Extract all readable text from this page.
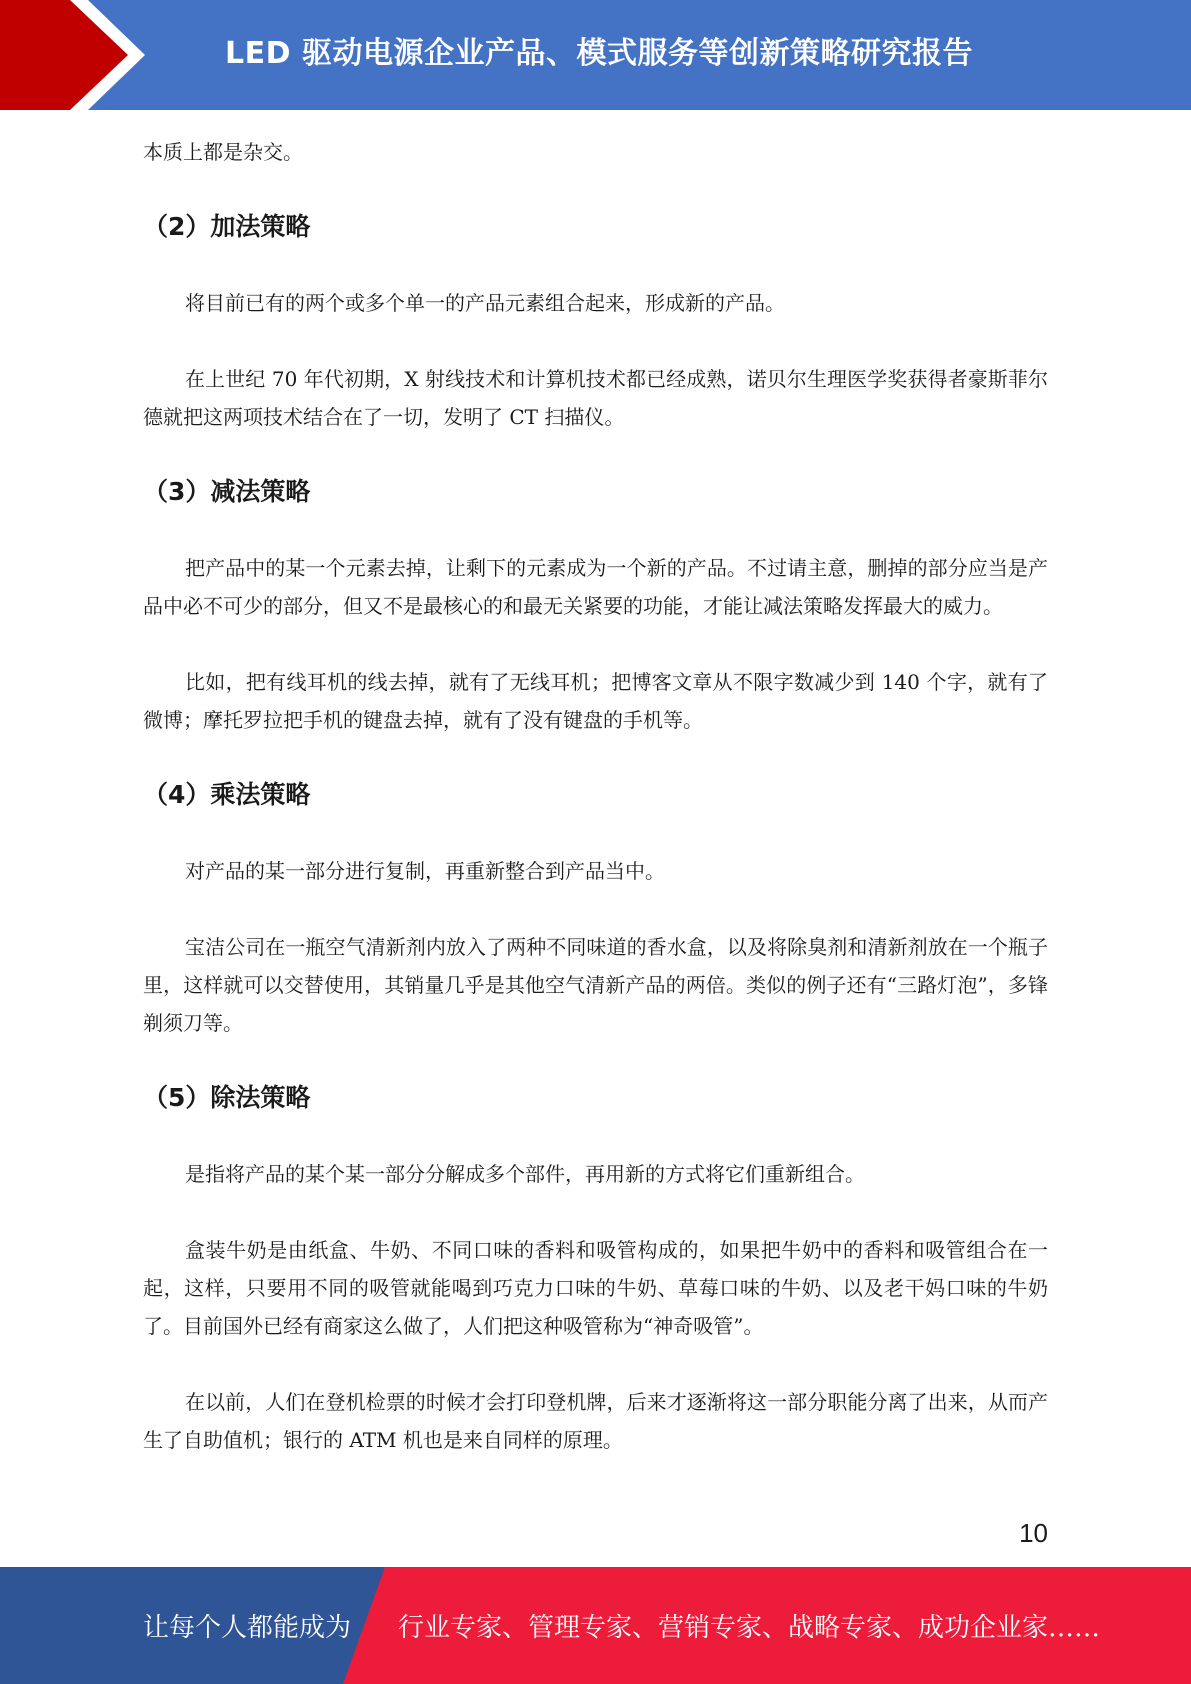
LED 驱动电源企业产品、模式服务等创新策略研究报告

本质上都是杂交。

（2）加法策略

将目前已有的两个或多个单一的产品元素组合起来，形成新的产品。

在上世纪 70 年代初期，X 射线技术和计算机技术都已经成熟，诺贝尔生理医学奖获得者豪斯菲尔德就把这两项技术结合在了一切，发明了 CT 扫描仪。

（3）减法策略

把产品中的某一个元素去掉，让剩下的元素成为一个新的产品。不过请主意，删掉的部分应当是产品中必不可少的部分，但又不是最核心的和最无关紧要的功能，才能让减法策略发挥最大的威力。

比如，把有线耳机的线去掉，就有了无线耳机；把博客文章从不限字数减少到 140 个字，就有了微博；摩托罗拉把手机的键盘去掉，就有了没有键盘的手机等。

（4）乘法策略

对产品的某一部分进行复制，再重新整合到产品当中。

宝洁公司在一瓶空气清新剂内放入了两种不同味道的香水盒，以及将除臭剂和清新剂放在一个瓶子里，这样就可以交替使用，其销量几乎是其他空气清新产品的两倍。类似的例子还有“三路灯泡”，多锋剃须刀等。

（5）除法策略

是指将产品的某个某一部分分解成多个部件，再用新的方式将它们重新组合。

盒装牛奶是由纸盒、牛奶、不同口味的香料和吸管构成的，如果把牛奶中的香料和吸管组合在一起，这样，只要用不同的吸管就能喝到巧克力口味的牛奶、草莓口味的牛奶、以及老干妈口味的牛奶了。目前国外已经有商家这么做了，人们把这种吸管称为“神奇吸管”。

在以前，人们在登机检票的时候才会打印登机牌，后来才逐渐将这一部分职能分离了出来，从而产生了自助值机；银行的 ATM 机也是来自同样的原理。

10
让每个人都能成为 行业专家、管理专家、营销专家、战略专家、成功企业家……
